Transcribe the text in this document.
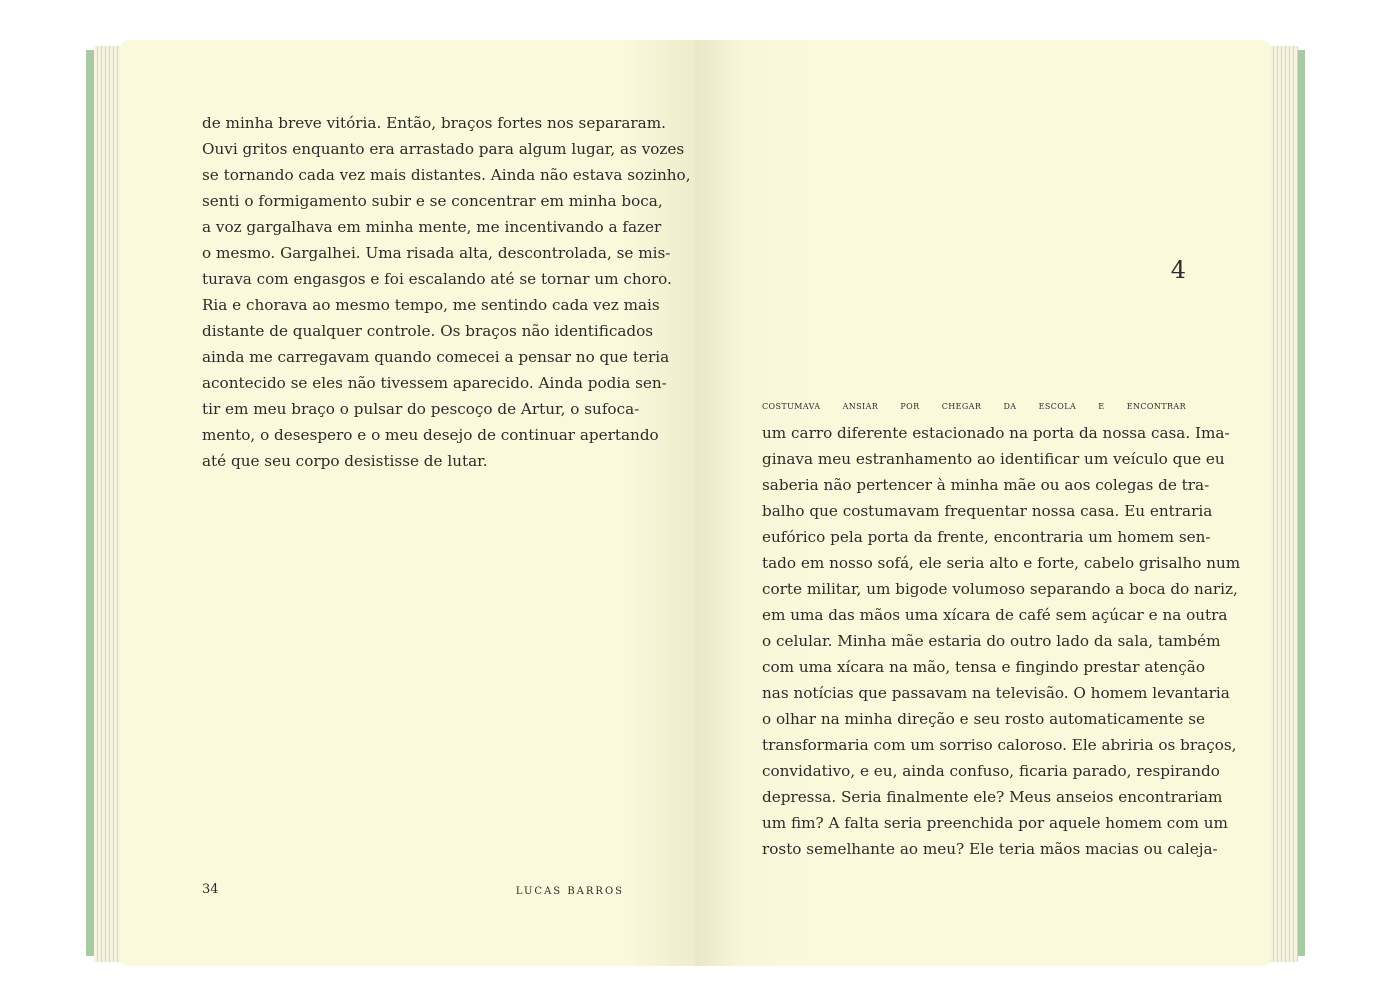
de minha breve vitória. Então, braços fortes nos separaram.
Ouvi gritos enquanto era arrastado para algum lugar, as vozes
se tornando cada vez mais distantes. Ainda não estava sozinho,
senti o formigamento subir e se concentrar em minha boca,
a voz gargalhava em minha mente, me incentivando a fazer
o mesmo. Gargalhei. Uma risada alta, descontrolada, se mis-
turava com engasgos e foi escalando até se tornar um choro.
Ria e chorava ao mesmo tempo, me sentindo cada vez mais
distante de qualquer controle. Os braços não identificados
ainda me carregavam quando comecei a pensar no que teria
acontecido se eles não tivessem aparecido. Ainda podia sen-
tir em meu braço o pulsar do pescoço de Artur, o sufoca-
mento, o desespero e o meu desejo de continuar apertando
até que seu corpo desistisse de lutar.
4
costumava ansiar por chegar da escola e encontrar
um carro diferente estacionado na porta da nossa casa. Ima-
ginava meu estranhamento ao identificar um veículo que eu
saberia não pertencer à minha mãe ou aos colegas de tra-
balho que costumavam frequentar nossa casa. Eu entraria
eufórico pela porta da frente, encontraria um homem sen-
tado em nosso sofá, ele seria alto e forte, cabelo grisalho num
corte militar, um bigode volumoso separando a boca do nariz,
em uma das mãos uma xícara de café sem açúcar e na outra
o celular. Minha mãe estaria do outro lado da sala, também
com uma xícara na mão, tensa e fingindo prestar atenção
nas notícias que passavam na televisão. O homem levantaria
o olhar na minha direção e seu rosto automaticamente se
transformaria com um sorriso caloroso. Ele abriria os braços,
convidativo, e eu, ainda confuso, ficaria parado, respirando
depressa. Seria finalmente ele? Meus anseios encontrariam
um fim? A falta seria preenchida por aquele homem com um
rosto semelhante ao meu? Ele teria mãos macias ou caleja-
34	LUCAS BARROS
